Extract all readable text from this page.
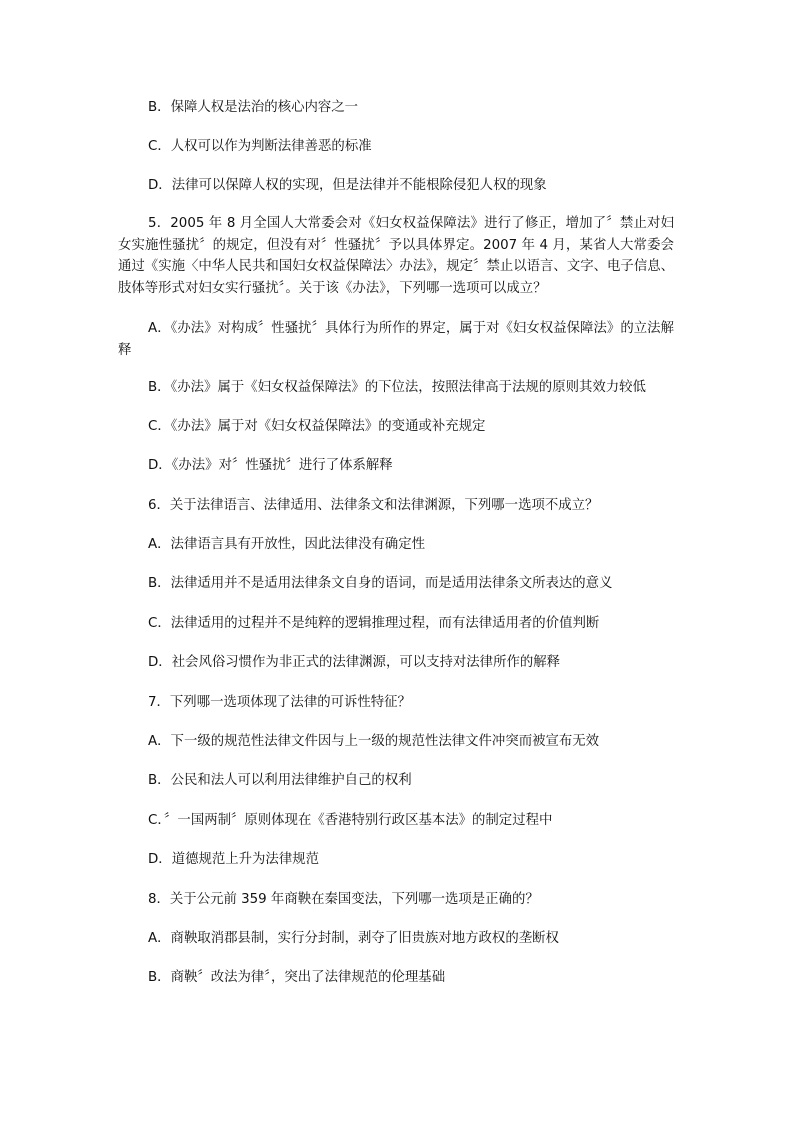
B．保障人权是法治的核心内容之一
C．人权可以作为判断法律善恶的标准
D．法律可以保障人权的实现，但是法律并不能根除侵犯人权的现象
5．2005 年 8 月全国人大常委会对《妇女权益保障法》进行了修正，增加了〞禁止对妇女实施性骚扰〞的规定，但没有对〞性骚扰〞予以具体界定。2007 年 4 月，某省人大常委会通过《实施〈中华人民共和国妇女权益保障法〉办法》，规定〞禁止以语言、文字、电子信息、肢体等形式对妇女实行骚扰〞。关于该《办法》，下列哪一选项可以成立？
A．《办法》对构成〞性骚扰〞具体行为所作的界定，属于对《妇女权益保障法》的立法解释
B．《办法》属于《妇女权益保障法》的下位法，按照法律高于法规的原则其效力较低
C．《办法》属于对《妇女权益保障法》的变通或补充规定
D．《办法》对〞性骚扰〞进行了体系解释
6．关于法律语言、法律适用、法律条文和法律渊源，下列哪一选项不成立？
A．法律语言具有开放性，因此法律没有确定性
B．法律适用并不是适用法律条文自身的语词，而是适用法律条文所表达的意义
C．法律适用的过程并不是纯粹的逻辑推理过程，而有法律适用者的价值判断
D．社会风俗习惯作为非正式的法律渊源，可以支持对法律所作的解释
7．下列哪一选项体现了法律的可诉性特征？
A．下一级的规范性法律文件因与上一级的规范性法律文件冲突而被宣布无效
B．公民和法人可以利用法律维护自己的权利
C．〞一国两制〞原则体现在《香港特别行政区基本法》的制定过程中
D．道德规范上升为法律规范
8．关于公元前 359 年商鞅在秦国变法，下列哪一选项是正确的？
A．商鞅取消郡县制，实行分封制，剥夺了旧贵族对地方政权的垄断权
B．商鞅〞改法为律〞，突出了法律规范的伦理基础
